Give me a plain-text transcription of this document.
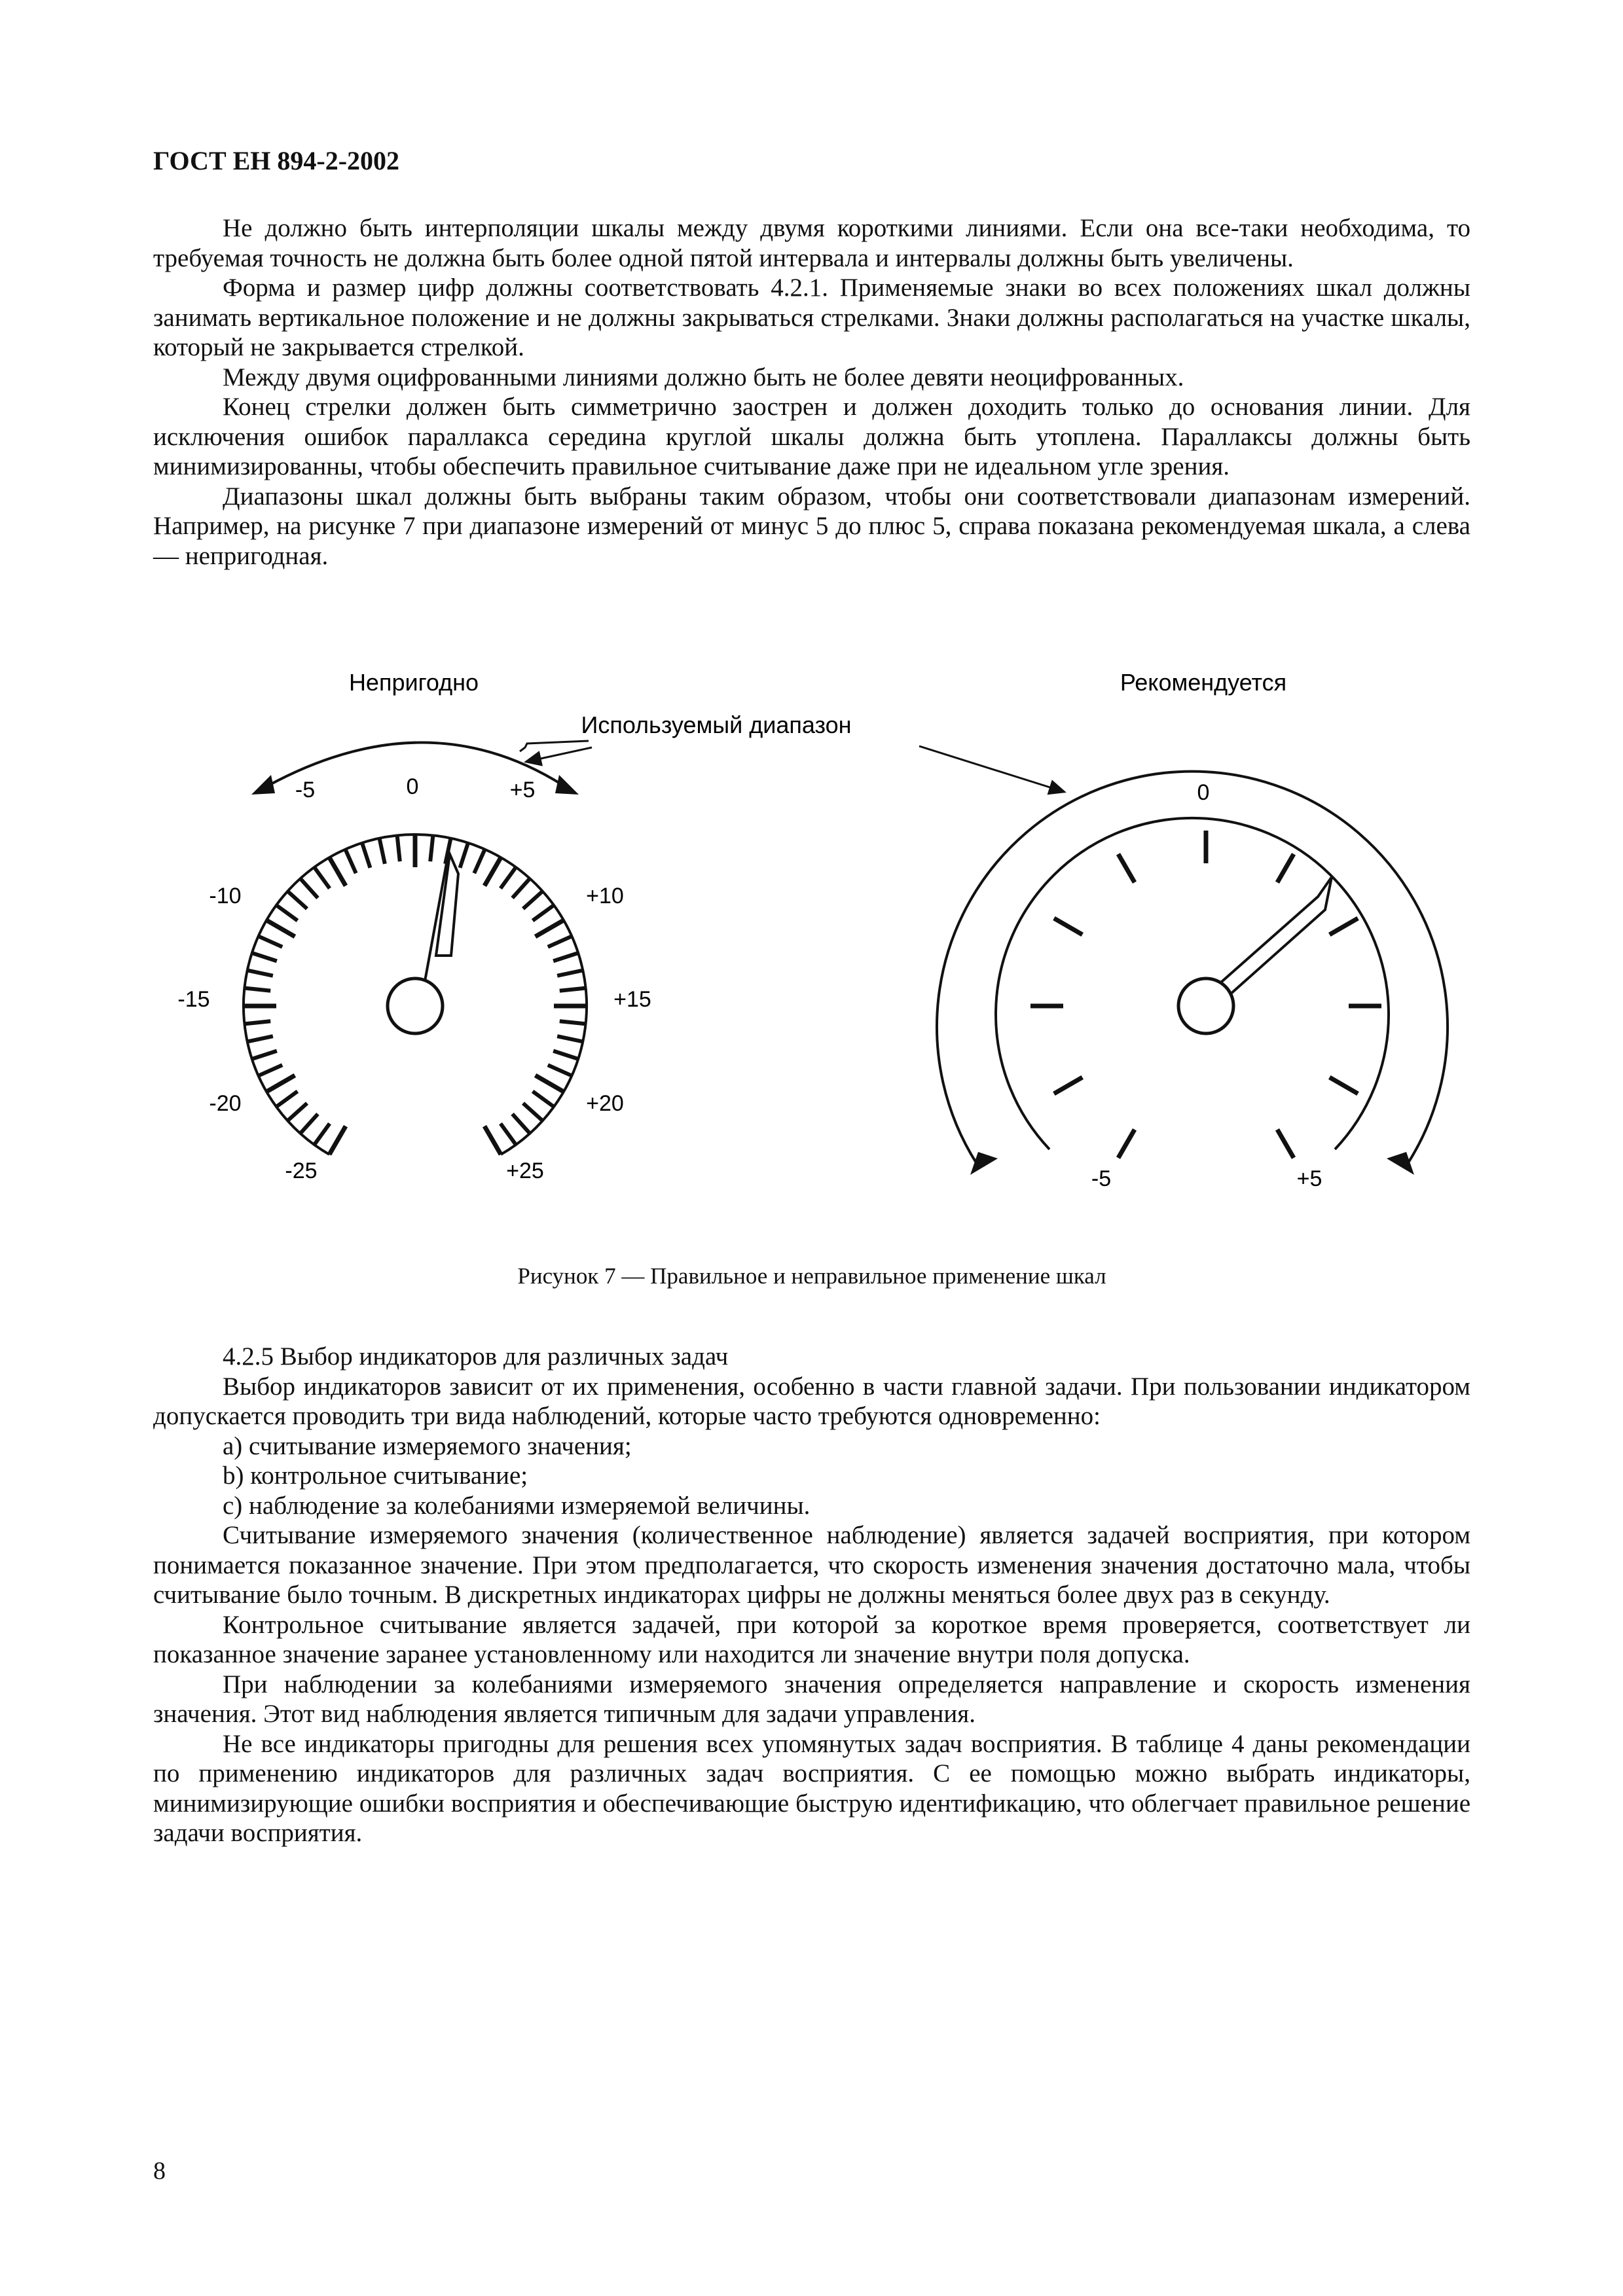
ГОСТ ЕН 894-2-2002

Не должно быть интерполяции шкалы между двумя короткими линиями. Если она все-таки необходима, то требуемая точность не должна быть более одной пятой интервала и интервалы должны быть увеличены.

Форма и размер цифр должны соответствовать 4.2.1. Применяемые знаки во всех положениях шкал должны занимать вертикальное положение и не должны закрываться стрелками. Знаки должны располагаться на участке шкалы, который не закрывается стрелкой.

Между двумя оцифрованными линиями должно быть не более девяти неоцифрованных.

Конец стрелки должен быть симметрично заострен и должен доходить только до основания линии. Для исключения ошибок параллакса середина круглой шкалы должна быть утоплена. Параллаксы должны быть минимизированны, чтобы обеспечить правильное считывание даже при не идеальном угле зрения.

Диапазоны шкал должны быть выбраны таким образом, чтобы они соответствовали диапазонам измерений. Например, на рисунке 7 при диапазоне измерений от минус 5 до плюс 5, справа показана рекомендуемая шкала, а слева — непригодная.

Непригодно	Рекомендуется
Используемый диапазон
-5	0	+5
-10	+10
-15	+15
-20	+20
-25	+25
0
-5	+5
Рисунок 7 — Правильное и неправильное применение шкал

4.2.5 Выбор индикаторов для различных задач

Выбор индикаторов зависит от их применения, особенно в части главной задачи. При пользовании индикатором допускается проводить три вида наблюдений, которые часто требуются одновременно:

а) считывание измеряемого значения;

b) контрольное считывание;

c) наблюдение за колебаниями измеряемой величины.

Считывание измеряемого значения (количественное наблюдение) является задачей восприятия, при котором понимается показанное значение. При этом предполагается, что скорость изменения значения достаточно мала, чтобы считывание было точным. В дискретных индикаторах цифры не должны меняться более двух раз в секунду.

Контрольное считывание является задачей, при которой за короткое время проверяется, соответствует ли показанное значение заранее установленному или находится ли значение внутри поля допуска.

При наблюдении за колебаниями измеряемого значения определяется направление и скорость изменения значения. Этот вид наблюдения является типичным для задачи управления.

Не все индикаторы пригодны для решения всех упомянутых задач восприятия. В таблице 4 даны рекомендации по применению индикаторов для различных задач восприятия. С ее помощью можно выбрать индикаторы, минимизирующие ошибки восприятия и обеспечивающие быструю идентификацию, что облегчает правильное решение задачи восприятия.

8
